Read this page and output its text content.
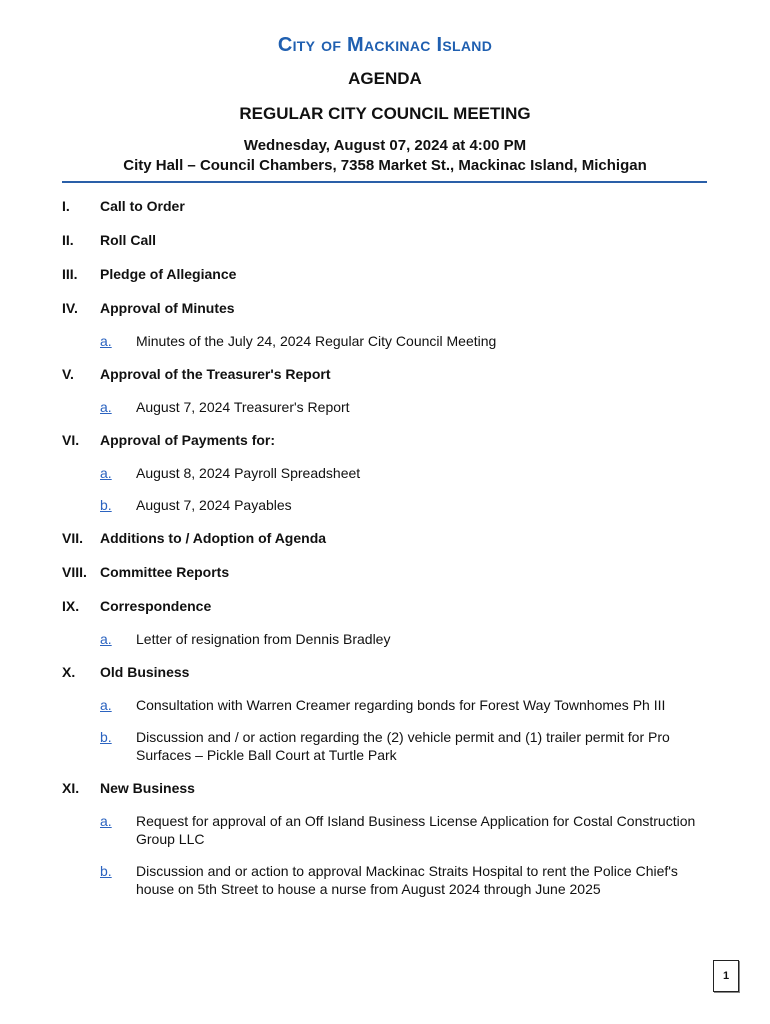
City of Mackinac Island
AGENDA
REGULAR CITY COUNCIL MEETING
Wednesday, August 07, 2024 at 4:00 PM
City Hall – Council Chambers, 7358 Market St., Mackinac Island, Michigan
I.	Call to Order
II.	Roll Call
III.	Pledge of Allegiance
IV.	Approval of Minutes
a.	Minutes of the July 24, 2024 Regular City Council Meeting
V.	Approval of the Treasurer's Report
a.	August 7, 2024 Treasurer's Report
VI.	Approval of Payments for:
a.	August 8, 2024 Payroll Spreadsheet
b.	August 7, 2024 Payables
VII.	Additions to / Adoption of Agenda
VIII. Committee Reports
IX.	Correspondence
a.	Letter of resignation from Dennis Bradley
X.	Old Business
a.	Consultation with Warren Creamer regarding bonds for Forest Way Townhomes Ph III
b.	Discussion and / or action regarding the (2) vehicle permit and (1) trailer permit for Pro Surfaces – Pickle Ball Court at Turtle Park
XI.	New Business
a.	Request for approval of an Off Island Business License Application for Costal Construction Group LLC
b.	Discussion and or action to approval Mackinac Straits Hospital to rent the Police Chief's house on 5th Street to house a nurse from August 2024 through June 2025
1
